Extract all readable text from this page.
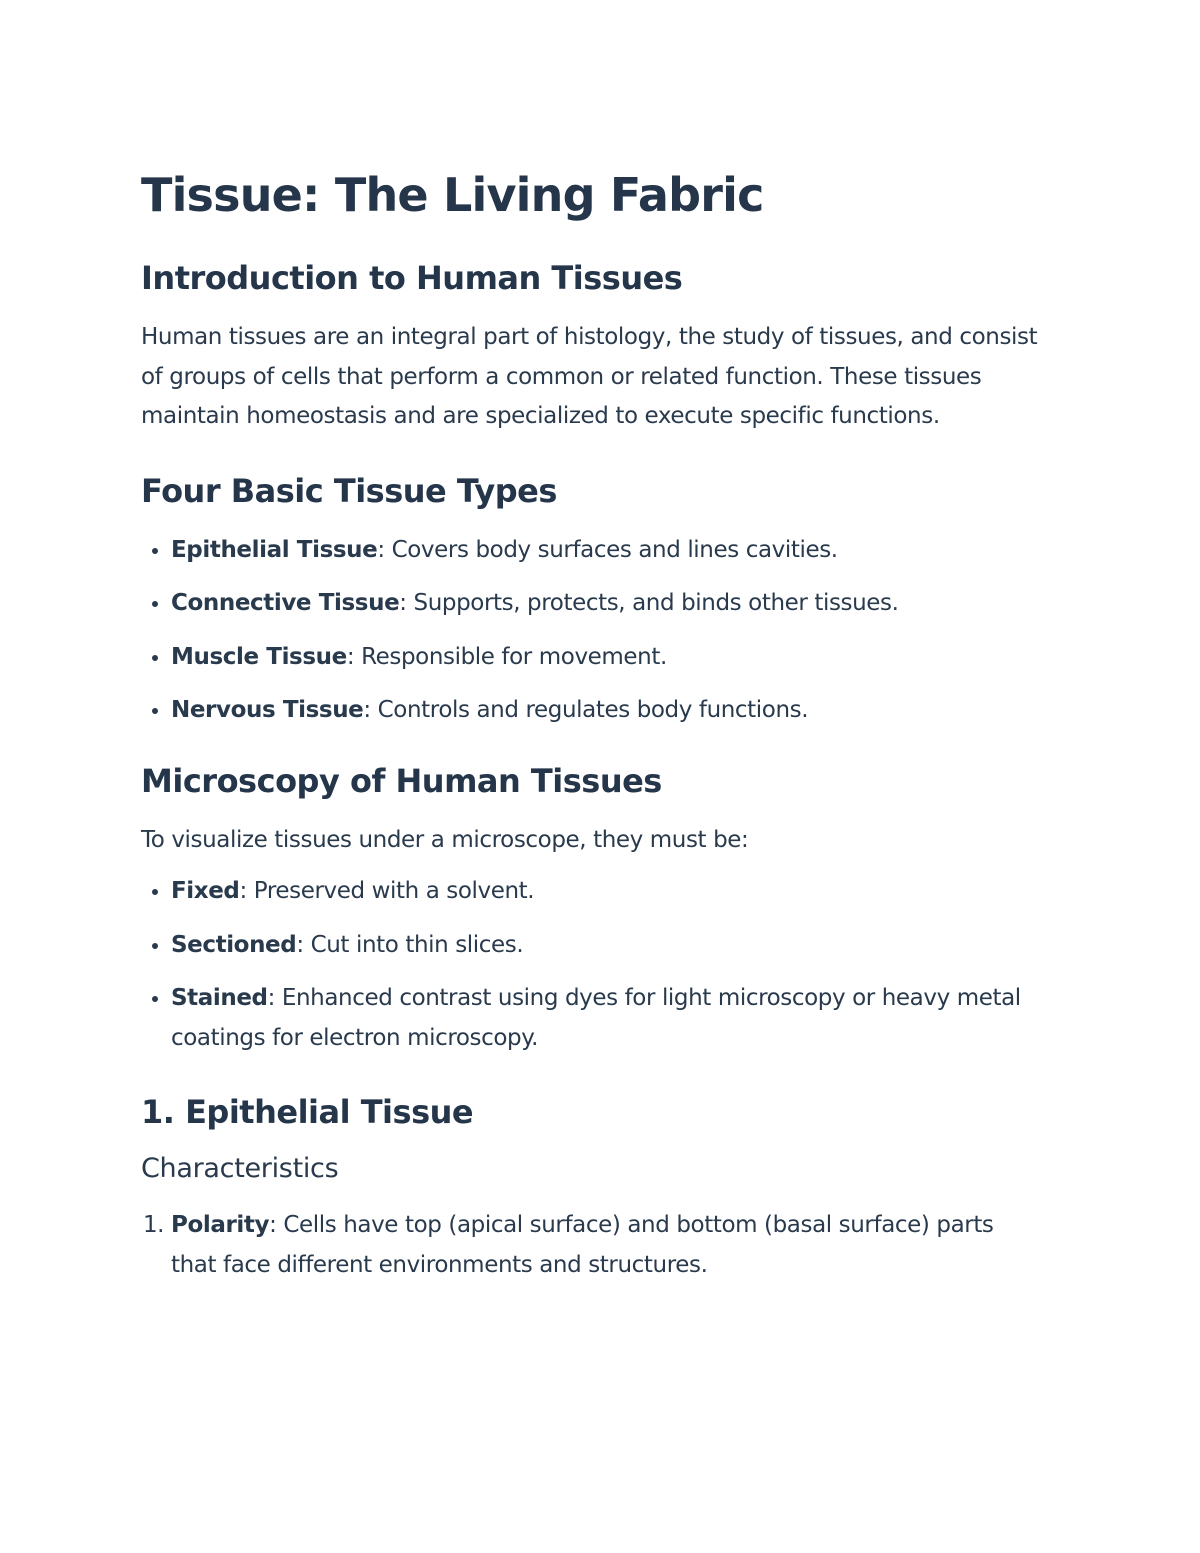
Tissue: The Living Fabric
Introduction to Human Tissues

Human tissues are an integral part of histology, the study of tissues, and consist of groups of cells that perform a common or related function. These tissues maintain homeostasis and are specialized to execute specific functions.

Four Basic Tissue Types
• Epithelial Tissue: Covers body surfaces and lines cavities.
• Connective Tissue: Supports, protects, and binds other tissues.
• Muscle Tissue: Responsible for movement.
• Nervous Tissue: Controls and regulates body functions.
Microscopy of Human Tissues

To visualize tissues under a microscope, they must be:

• Fixed: Preserved with a solvent.
• Sectioned: Cut into thin slices.
• Stained: Enhanced contrast using dyes for light microscopy or heavy metal coatings for electron microscopy.
1. Epithelial Tissue
Characteristics
1. Polarity: Cells have top (apical surface) and bottom (basal surface) parts that face different environments and structures.
